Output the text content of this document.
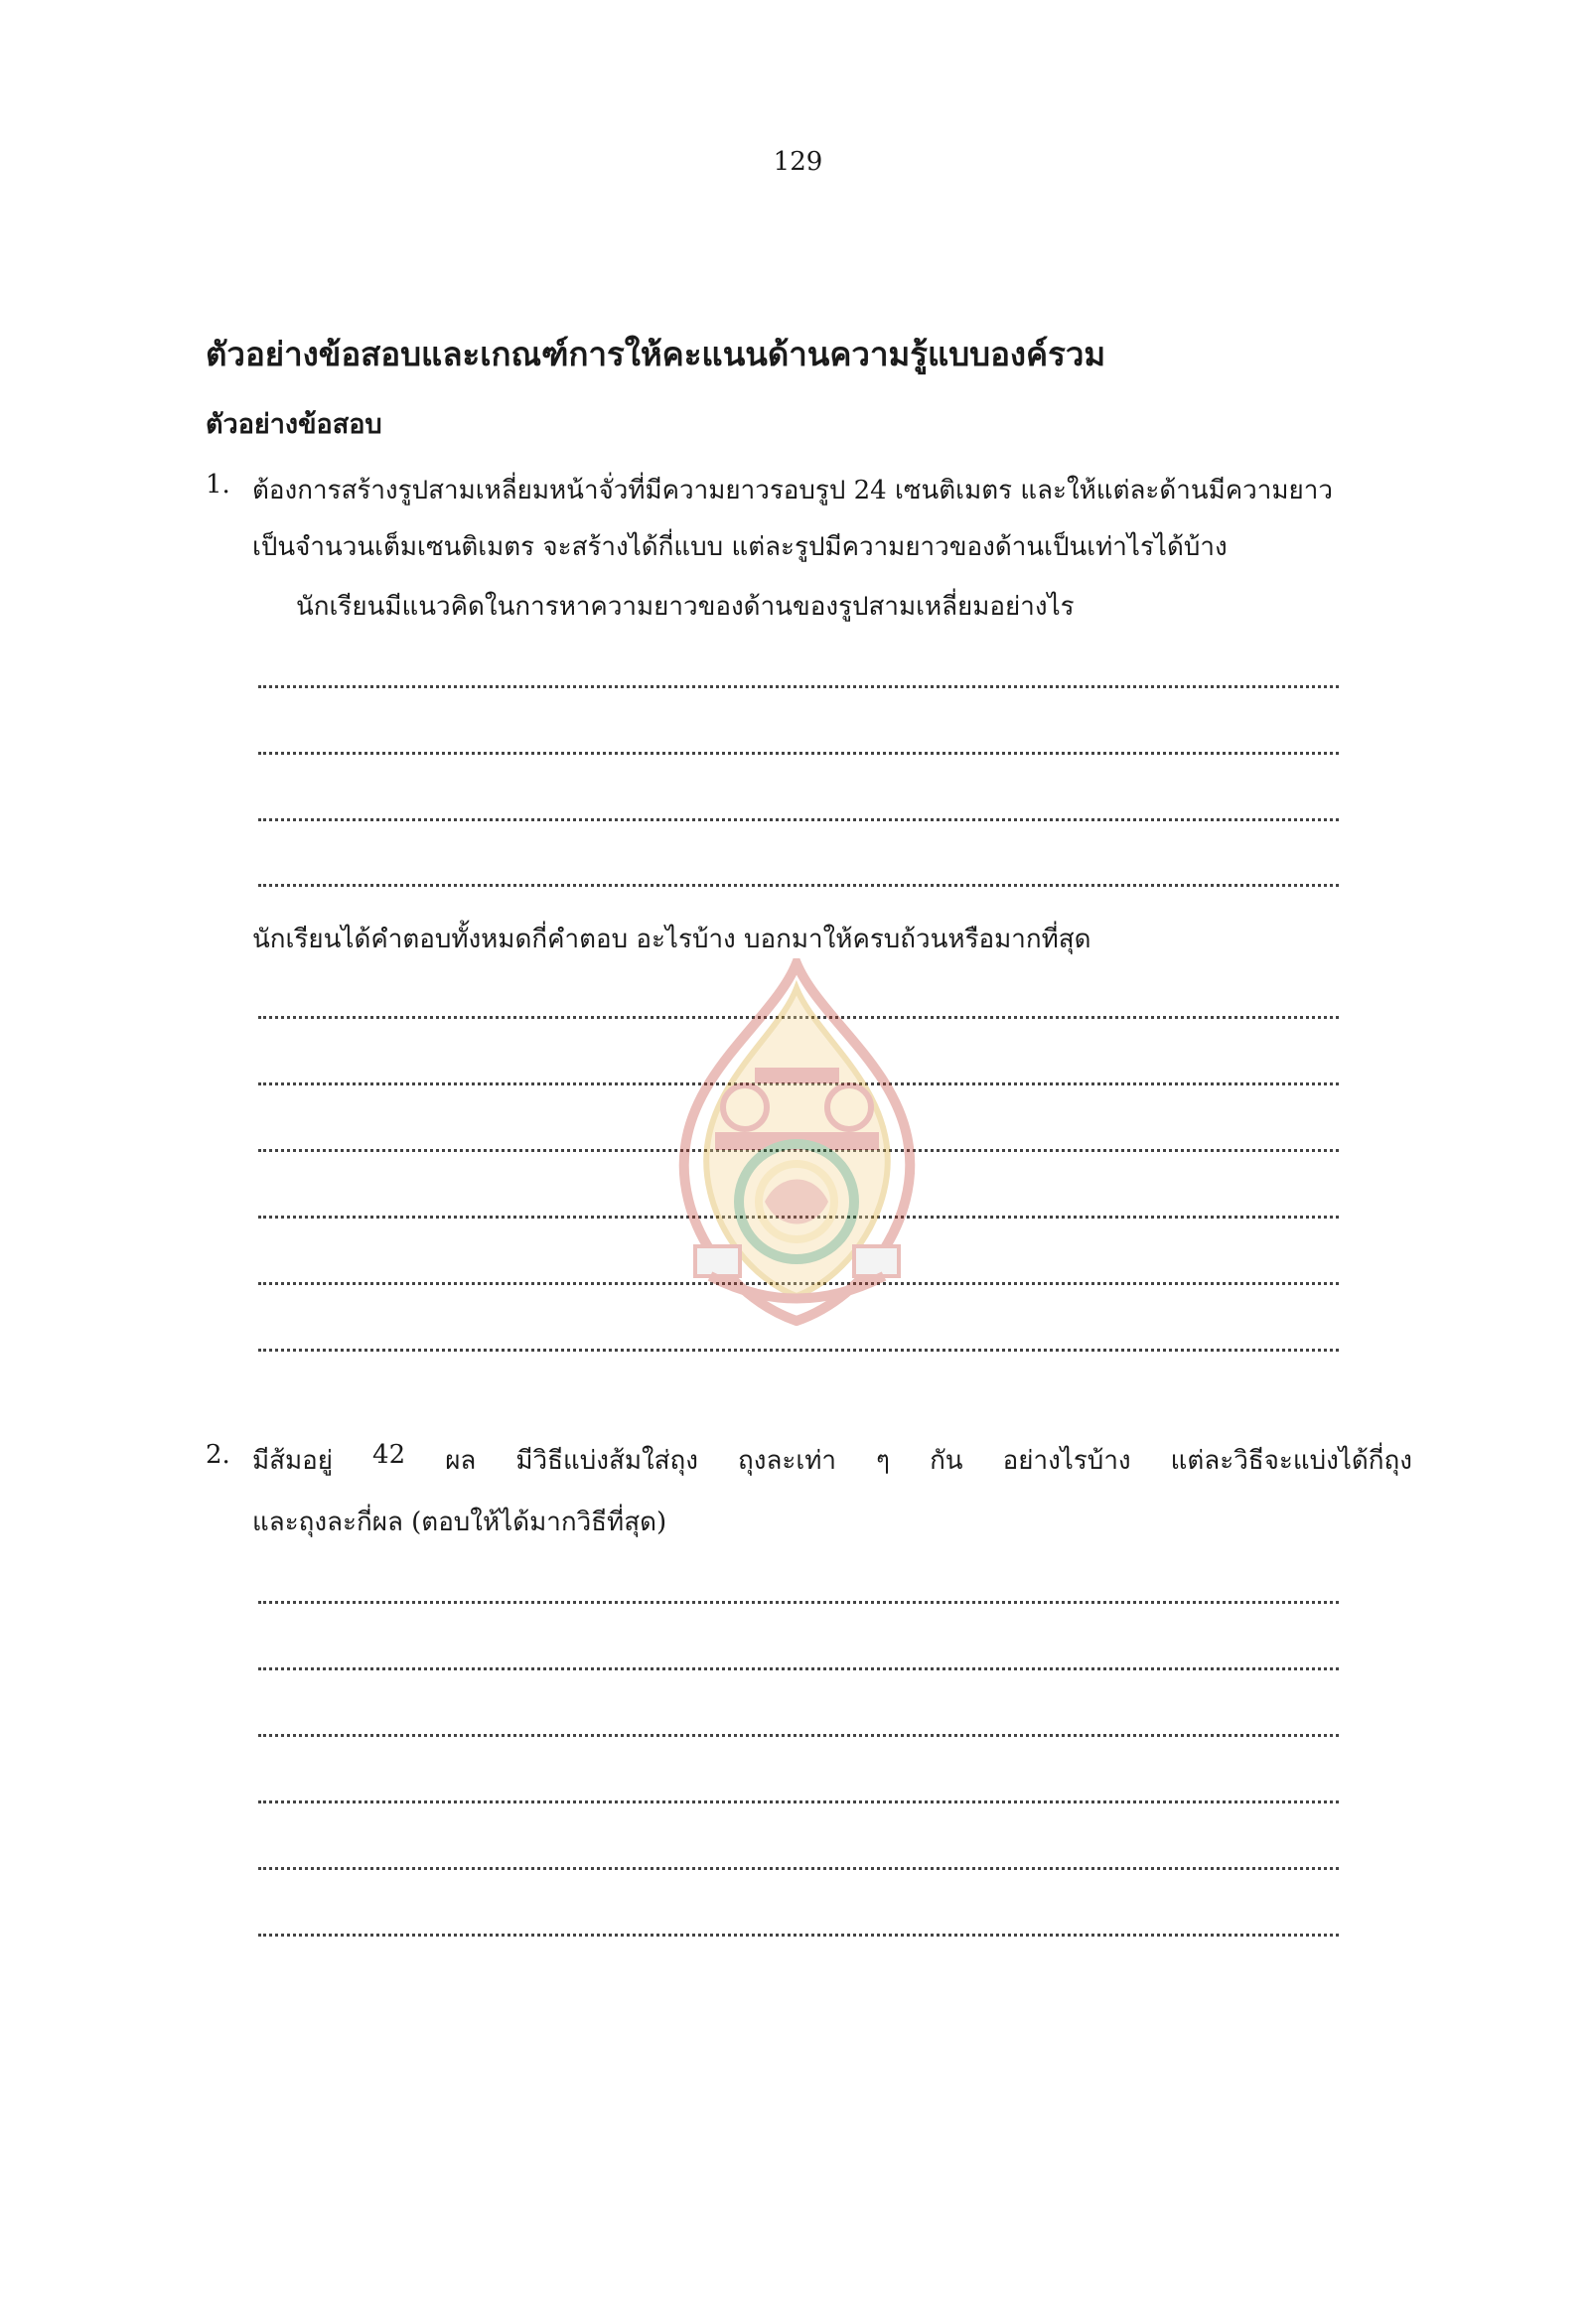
129
ตัวอย่างข้อสอบและเกณฑ์การให้คะแนนด้านความรู้แบบองค์รวม
ตัวอย่างข้อสอบ
1. ต้องการสร้างรูปสามเหลี่ยมหน้าจั่วที่มีความยาวรอบรูป 24 เซนติเมตร และให้แต่ละด้านมีความยาว
เป็นจำนวนเต็มเซนติเมตร จะสร้างได้กี่แบบ แต่ละรูปมีความยาวของด้านเป็นเท่าไรได้บ้าง
นักเรียนมีแนวคิดในการหาความยาวของด้านของรูปสามเหลี่ยมอย่างไร
นักเรียนได้คำตอบทั้งหมดกี่คำตอบ อะไรบ้าง บอกมาให้ครบถ้วนหรือมากที่สุด
2. มีส้มอยู่ 42 ผล มีวิธีแบ่งส้มใส่ถุง ถุงละเท่า ๆ กัน อย่างไรบ้าง แต่ละวิธีจะแบ่งได้กี่ถุง
และถุงละกี่ผล (ตอบให้ได้มากวิธีที่สุด)
